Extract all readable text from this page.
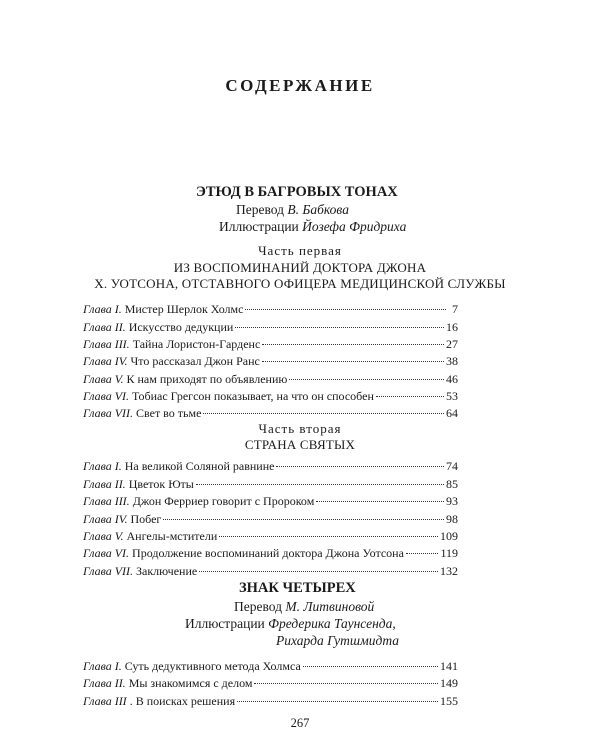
СОДЕРЖАНИЕ
ЭТЮД В БАГРОВЫХ ТОНАХ
Перевод В. Бабкова
Иллюстрации Йозефа Фридриха
Часть первая
ИЗ ВОСПОМИНАНИЙ ДОКТОРА ДЖОНА
Х. УОТСОНА, ОТСТАВНОГО ОФИЦЕРА МЕДИЦИНСКОЙ СЛУЖБЫ
Глава I. Мистер Шерлок Холмс	7
Глава II. Искусство дедукции	16
Глава III. Тайна Лористон-Гарденс	27
Глава IV. Что рассказал Джон Ранс	38
Глава V. К нам приходят по объявлению	46
Глава VI. Тобиас Грегсон показывает, на что он способен	53
Глава VII. Свет во тьме	64
Часть вторая
СТРАНА СВЯТЫХ
Глава I. На великой Соляной равнине	74
Глава II. Цветок Юты	85
Глава III. Джон Ферриер говорит с Пророком	93
Глава IV. Побег	98
Глава V. Ангелы-мстители	109
Глава VI. Продолжение воспоминаний доктора Джона Уотсона	119
Глава VII. Заключение	132
ЗНАК ЧЕТЫРЕХ
Перевод М. Литвиновой
Иллюстрации Фредерика Таунсенда,
Рихарда Гутшмидта
Глава I. Суть дедуктивного метода Холмса	141
Глава II. Мы знакомимся с делом	149
Глава III . В поисках решения	155
267
